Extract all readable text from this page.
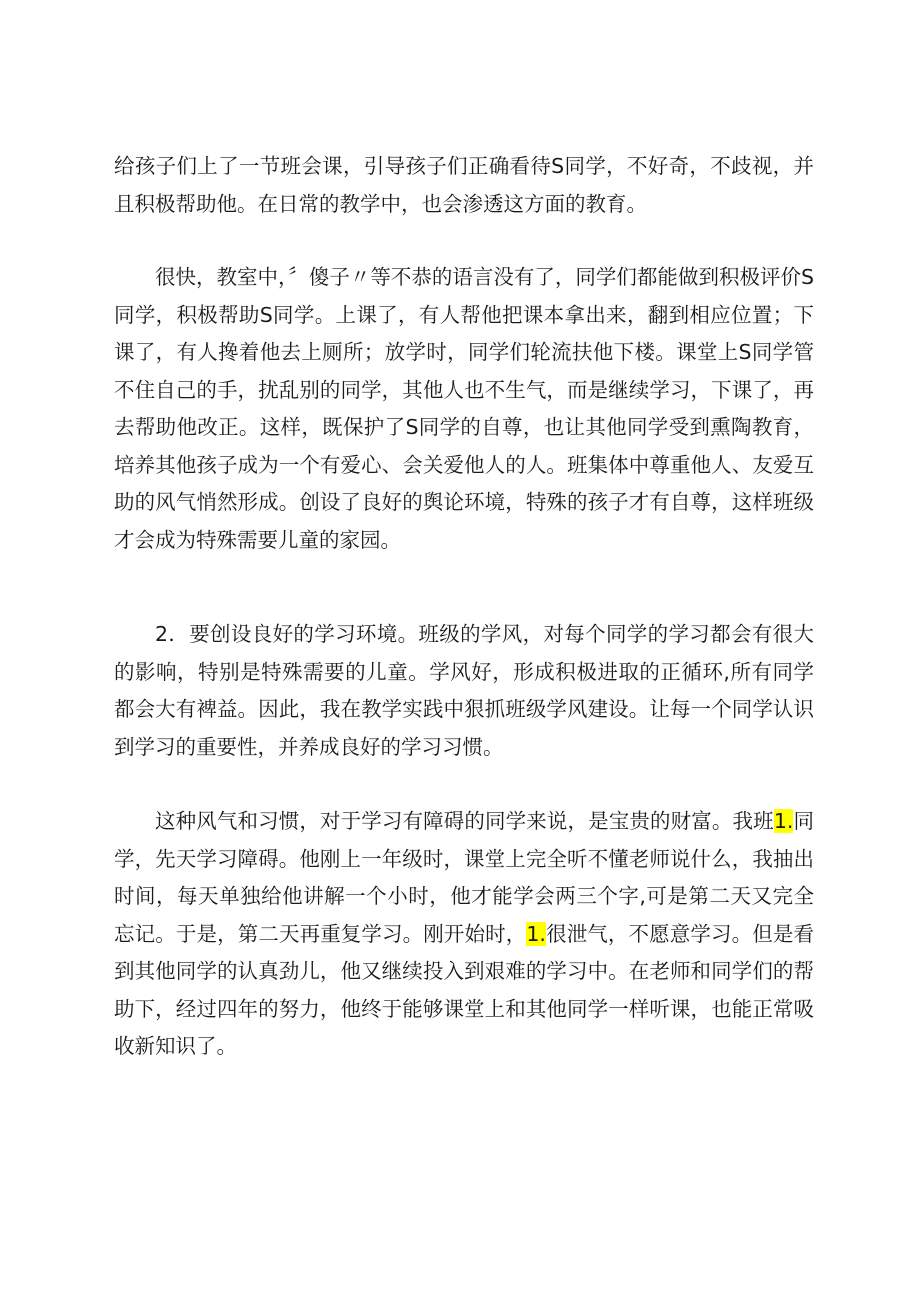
给孩子们上了一节班会课，引导孩子们正确看待S同学，不好奇，不歧视，并且积极帮助他。在日常的教学中，也会渗透这方面的教育。

很快，教室中，〞傻子〃等不恭的语言没有了，同学们都能做到积极评价S同学，积极帮助S同学。上课了，有人帮他把课本拿出来，翻到相应位置；下课了，有人搀着他去上厕所；放学时，同学们轮流扶他下楼。课堂上S同学管不住自己的手，扰乱别的同学，其他人也不生气，而是继续学习，下课了，再去帮助他改正。这样，既保护了S同学的自尊，也让其他同学受到熏陶教育，培养其他孩子成为一个有爱心、会关爱他人的人。班集体中尊重他人、友爱互助的风气悄然形成。创设了良好的舆论环境，特殊的孩子才有自尊，这样班级才会成为特殊需要儿童的家园。

2．要创设良好的学习环境。班级的学风，对每个同学的学习都会有很大的影响，特别是特殊需要的儿童。学风好，形成积极进取的正循环,所有同学都会大有裨益。因此，我在教学实践中狠抓班级学风建设。让每一个同学认识到学习的重要性，并养成良好的学习习惯。

这种风气和习惯，对于学习有障碍的同学来说，是宝贵的财富。我班1.同学，先天学习障碍。他刚上一年级时，课堂上完全听不懂老师说什么，我抽出时间，每天单独给他讲解一个小时，他才能学会两三个字,可是第二天又完全忘记。于是，第二天再重复学习。刚开始时，1.很泄气，不愿意学习。但是看到其他同学的认真劲儿，他又继续投入到艰难的学习中。在老师和同学们的帮助下，经过四年的努力，他终于能够课堂上和其他同学一样听课，也能正常吸收新知识了。
